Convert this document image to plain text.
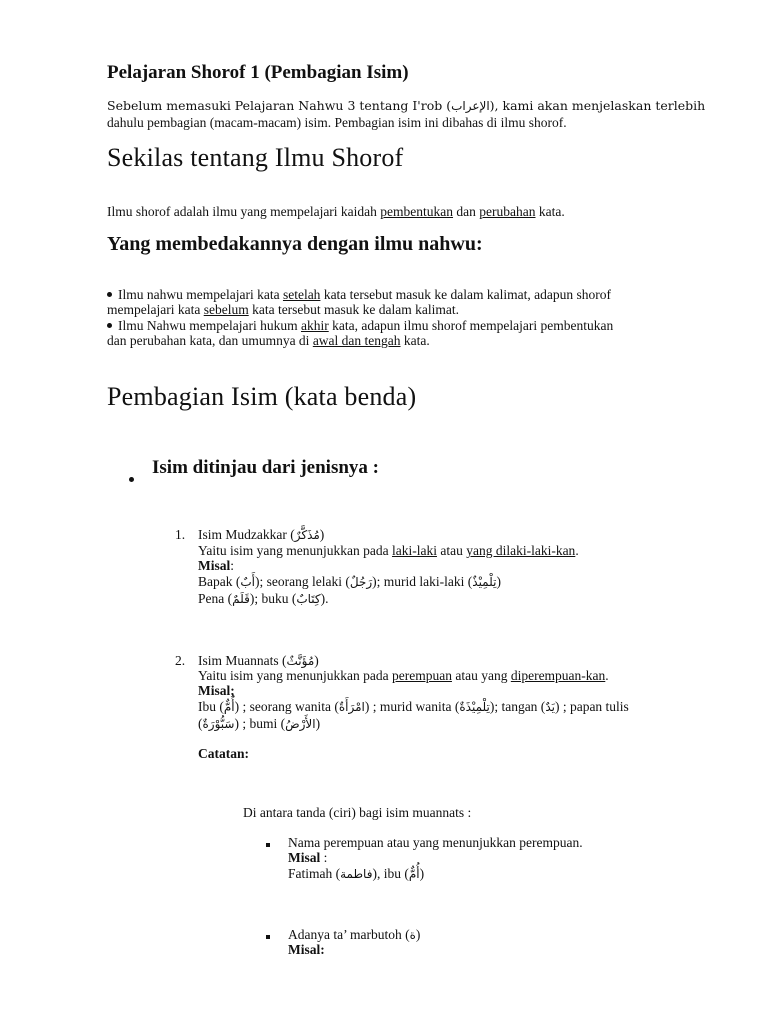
Pelajaran Shorof 1 (Pembagian Isim)
Sebelum memasuki Pelajaran Nahwu 3 tentang I'rob (الإعراب), kami akan menjelaskan terlebih
dahulu pembagian (macam-macam) isim. Pembagian isim ini dibahas di ilmu shorof.
Sekilas tentang Ilmu Shorof
Ilmu shorof adalah ilmu yang mempelajari kaidah pembentukan dan perubahan kata.
Yang membedakannya dengan ilmu nahwu:
Ilmu nahwu mempelajari kata setelah kata tersebut masuk ke dalam kalimat, adapun shorof
mempelajari kata sebelum kata tersebut masuk ke dalam kalimat.
Ilmu Nahwu mempelajari hukum akhir kata, adapun ilmu shorof mempelajari pembentukan
dan perubahan kata, dan umumnya di awal dan tengah kata.
Pembagian Isim (kata benda)
Isim ditinjau dari jenisnya :
1. Isim Mudzakkar (مُذَكَّرٌ)
Yaitu isim yang menunjukkan pada laki-laki atau yang dilaki-laki-kan.
Misal:
Bapak (أَبٌ); seorang lelaki (رَجُلٌ); murid laki-laki (تِلْمِيْذٌ)
Pena (قَلَمٌ); buku (كِتَابٌ).
2. Isim Muannats (مُؤَنَّثٌ)
Yaitu isim yang menunjukkan pada perempuan atau yang diperempuan-kan.
Misal;
Ibu (أُمٌّ) ; seorang wanita (امْرَأَةٌ) ; murid wanita (تِلْمِيْذَةٌ); tangan (يَدٌ) ; papan tulis
(سَبُّوْرَةٌ) ; bumi (الأَرْضُ)
Catatan:
Di antara tanda (ciri) bagi isim muannats :
Nama perempuan atau yang menunjukkan perempuan.
Misal :
Fatimah (فاطمة), ibu (أُمٌّ)
Adanya ta’ marbutoh (ة)
Misal:
